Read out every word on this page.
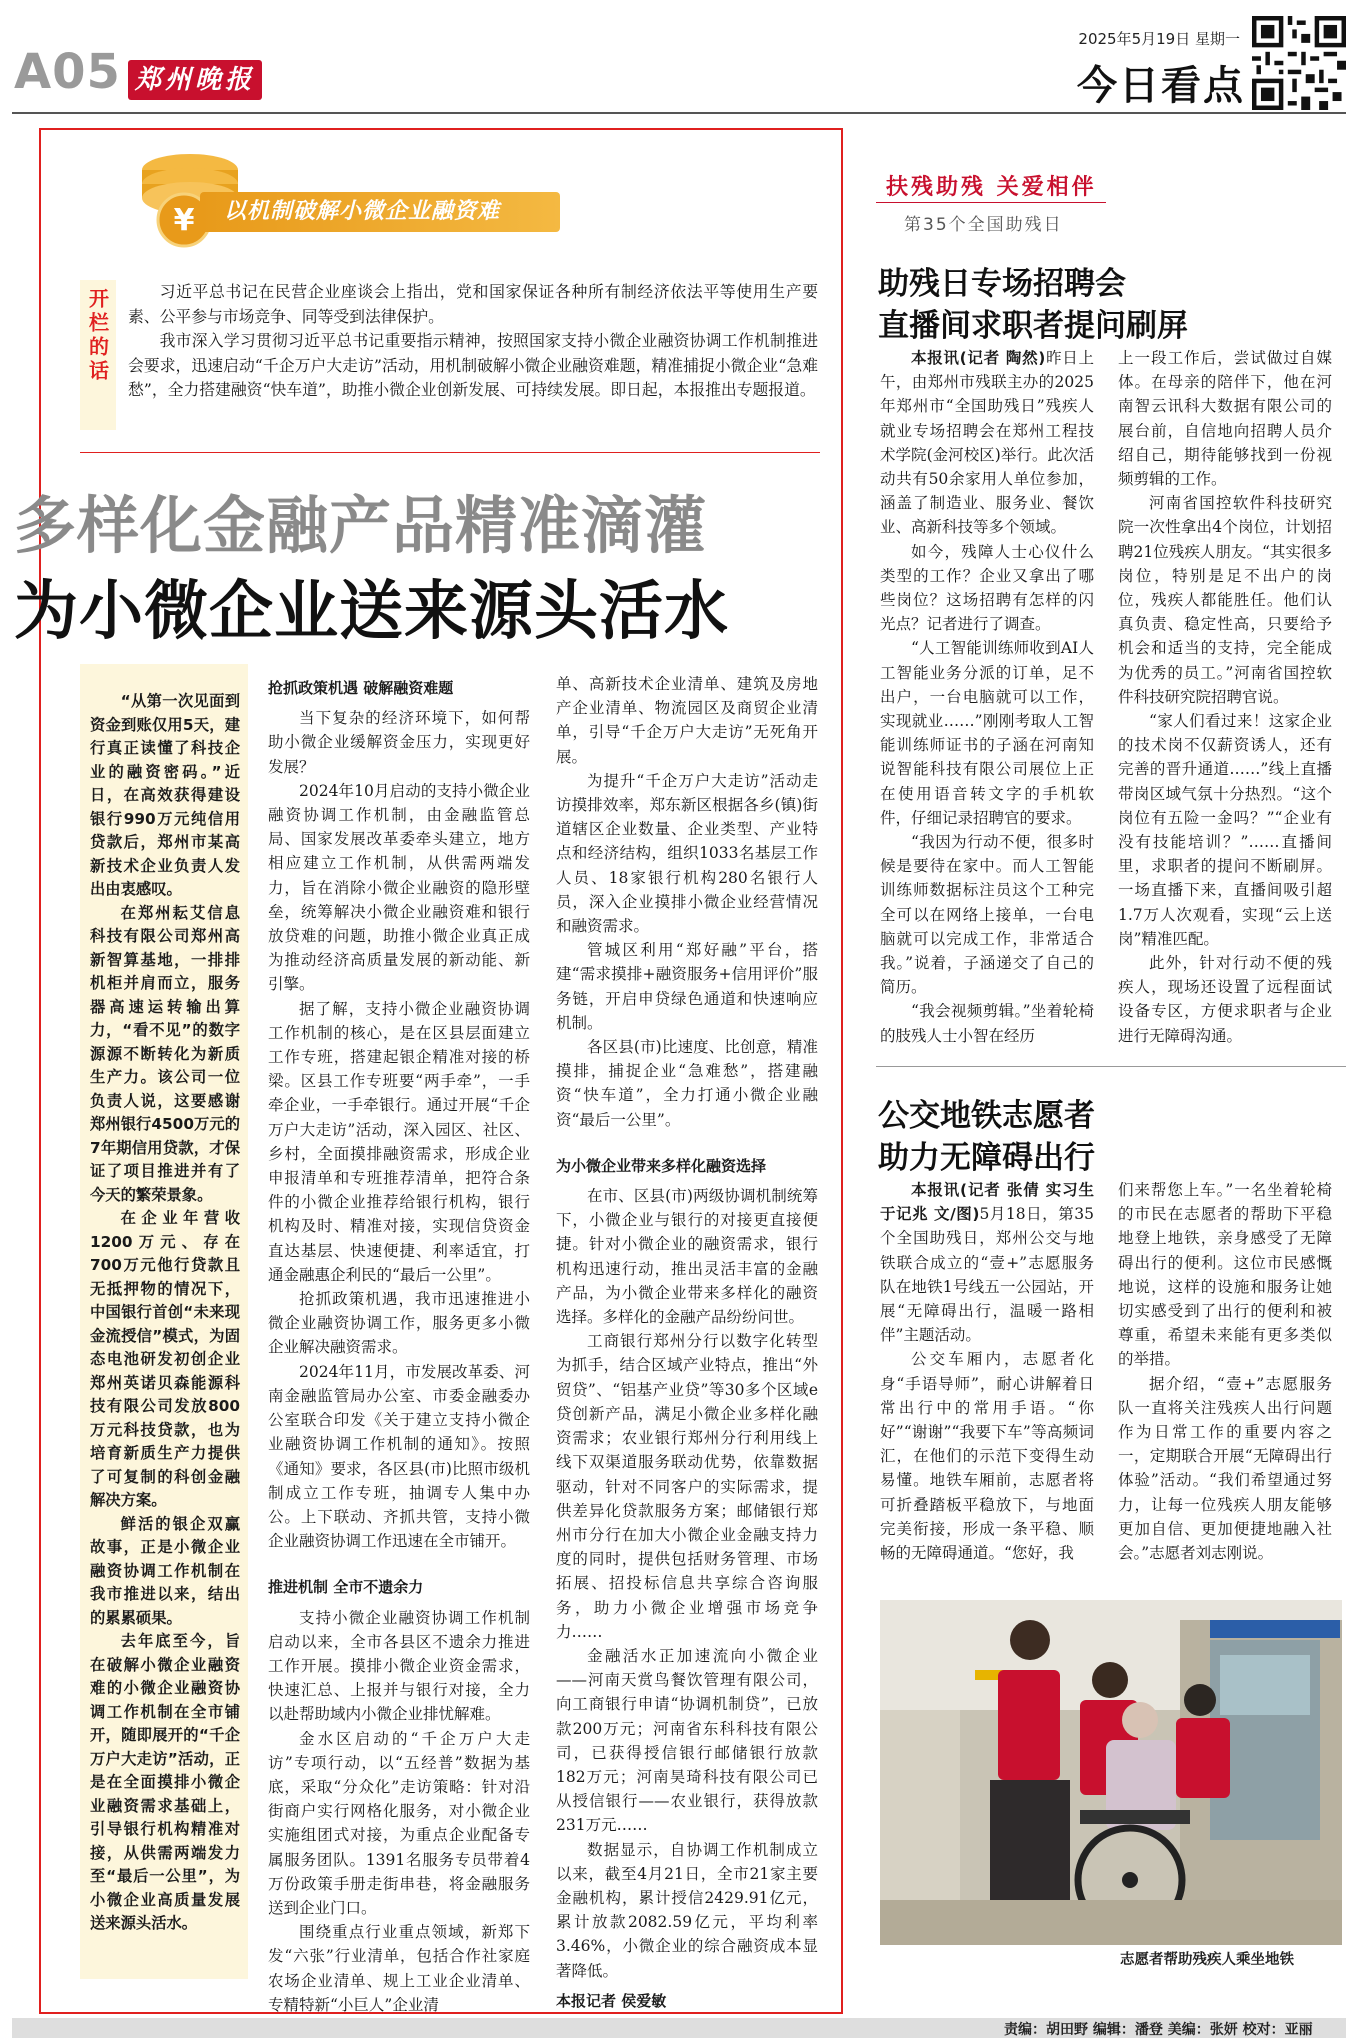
A05 郑州晚报
2025年5月19日 星期一
今日看点
¥	以机制破解小微企业融资难
开栏的话	习近平总书记在民营企业座谈会上指出，党和国家保证各种所有制经济依法平等使用生产要素、公平参与市场竞争、同等受到法律保护。

我市深入学习贯彻习近平总书记重要指示精神，按照国家支持小微企业融资协调工作机制推进会要求，迅速启动“千企万户大走访”活动，用机制破解小微企业融资难题，精准捕捉小微企业“急难愁”，全力搭建融资“快车道”，助推小微企业创新发展、可持续发展。即日起，本报推出专题报道。

多样化金融产品精准滴灌
为小微企业送来源头活水

“从第一次见面到资金到账仅用5天，建行真正读懂了科技企业的融资密码。”近日，在高效获得建设银行990万元纯信用贷款后，郑州市某高新技术企业负责人发出由衷感叹。

在郑州耘艾信息科技有限公司郑州高新智算基地，一排排机柜并肩而立，服务器高速运转输出算力，“看不见”的数字源源不断转化为新质生产力。该公司一位负责人说，这要感谢郑州银行4500万元的7年期信用贷款，才保证了项目推进并有了今天的繁荣景象。

在企业年营收1200万元、存在700万元他行贷款且无抵押物的情况下，中国银行首创“未来现金流授信”模式，为固态电池研发初创企业郑州英诺贝森能源科技有限公司发放800万元科技贷款，也为培育新质生产力提供了可复制的科创金融解决方案。

鲜活的银企双赢故事，正是小微企业融资协调工作机制在我市推进以来，结出的累累硕果。

去年底至今，旨在破解小微企业融资难的小微企业融资协调工作机制在全市铺开，随即展开的“千企万户大走访”活动，正是在全面摸排小微企业融资需求基础上，引导银行机构精准对接，从供需两端发力至“最后一公里”，为小微企业高质量发展送来源头活水。

抢抓政策机遇 破解融资难题

当下复杂的经济环境下，如何帮助小微企业缓解资金压力，实现更好发展？

2024年10月启动的支持小微企业融资协调工作机制，由金融监管总局、国家发展改革委牵头建立，地方相应建立工作机制，从供需两端发力，旨在消除小微企业融资的隐形壁垒，统筹解决小微企业融资难和银行放贷难的问题，助推小微企业真正成为推动经济高质量发展的新动能、新引擎。

据了解，支持小微企业融资协调工作机制的核心，是在区县层面建立工作专班，搭建起银企精准对接的桥梁。区县工作专班要“两手牵”，一手牵企业，一手牵银行。通过开展“千企万户大走访”活动，深入园区、社区、乡村，全面摸排融资需求，形成企业申报清单和专班推荐清单，把符合条件的小微企业推荐给银行机构，银行机构及时、精准对接，实现信贷资金直达基层、快速便捷、利率适宜，打通金融惠企利民的“最后一公里”。

抢抓政策机遇，我市迅速推进小微企业融资协调工作，服务更多小微企业解决融资需求。

2024年11月，市发展改革委、河南金融监管局办公室、市委金融委办公室联合印发《关于建立支持小微企业融资协调工作机制的通知》。按照《通知》要求，各区县(市)比照市级机制成立工作专班，抽调专人集中办公。上下联动、齐抓共管，支持小微企业融资协调工作迅速在全市铺开。

推进机制 全市不遗余力

支持小微企业融资协调工作机制启动以来，全市各县区不遗余力推进工作开展。摸排小微企业资金需求，快速汇总、上报并与银行对接，全力以赴帮助域内小微企业排忧解难。

金水区启动的“千企万户大走访”专项行动，以“五经普”数据为基底，采取“分众化”走访策略：针对沿街商户实行网格化服务，对小微企业实施组团式对接，为重点企业配备专属服务团队。1391名服务专员带着4万份政策手册走街串巷，将金融服务送到企业门口。

围绕重点行业重点领域，新郑下发“六张”行业清单，包括合作社家庭农场企业清单、规上工业企业清单、专精特新“小巨人”企业清

单、高新技术企业清单、建筑及房地产企业清单、物流园区及商贸企业清单，引导“千企万户大走访”无死角开展。

为提升“千企万户大走访”活动走访摸排效率，郑东新区根据各乡(镇)街道辖区企业数量、企业类型、产业特点和经济结构，组织1033名基层工作人员、18家银行机构280名银行人员，深入企业摸排小微企业经营情况和融资需求。

管城区利用“郑好融”平台，搭建“需求摸排+融资服务+信用评价”服务链，开启申贷绿色通道和快速响应机制。

各区县(市)比速度、比创意，精准摸排，捕捉企业“急难愁”，搭建融资“快车道”，全力打通小微企业融资“最后一公里”。

为小微企业带来多样化融资选择

在市、区县(市)两级协调机制统筹下，小微企业与银行的对接更直接便捷。针对小微企业的融资需求，银行机构迅速行动，推出灵活丰富的金融产品，为小微企业带来多样化的融资选择。多样化的金融产品纷纷问世。

工商银行郑州分行以数字化转型为抓手，结合区域产业特点，推出“外贸贷”、“铝基产业贷”等30多个区域e贷创新产品，满足小微企业多样化融资需求；农业银行郑州分行利用线上线下双渠道服务联动优势，依靠数据驱动，针对不同客户的实际需求，提供差异化贷款服务方案；邮储银行郑州市分行在加大小微企业金融支持力度的同时，提供包括财务管理、市场拓展、招投标信息共享综合咨询服务，助力小微企业增强市场竞争力……

金融活水正加速流向小微企业——河南天赏鸟餐饮管理有限公司，向工商银行申请“协调机制贷”，已放款200万元；河南省东科科技有限公司，已获得授信银行邮储银行放款182万元；河南昊琦科技有限公司已从授信银行——农业银行，获得放款231万元……

数据显示，自协调工作机制成立以来，截至4月21日，全市21家主要金融机构，累计授信2429.91亿元，累计放款2082.59亿元，平均利率3.46%，小微企业的综合融资成本显著降低。

本报记者 侯爱敏

扶残助残 关爱相伴
第35个全国助残日
助残日专场招聘会
直播间求职者提问刷屏

本报讯(记者 陶然)昨日上午，由郑州市残联主办的2025年郑州市“全国助残日”残疾人就业专场招聘会在郑州工程技术学院(金河校区)举行。此次活动共有50余家用人单位参加，涵盖了制造业、服务业、餐饮业、高新科技等多个领域。

如今，残障人士心仪什么类型的工作？企业又拿出了哪些岗位？这场招聘有怎样的闪光点？记者进行了调查。

“人工智能训练师收到AI人工智能业务分派的订单，足不出户，一台电脑就可以工作，实现就业……”刚刚考取人工智能训练师证书的子涵在河南知说智能科技有限公司展位上正在使用语音转文字的手机软件，仔细记录招聘官的要求。

“我因为行动不便，很多时候是要待在家中。而人工智能训练师数据标注员这个工种完全可以在网络上接单，一台电脑就可以完成工作，非常适合我。”说着，子涵递交了自己的简历。

“我会视频剪辑。”坐着轮椅的肢残人士小智在经历

上一段工作后，尝试做过自媒体。在母亲的陪伴下，他在河南智云讯科大数据有限公司的展台前，自信地向招聘人员介绍自己，期待能够找到一份视频剪辑的工作。

河南省国控软件科技研究院一次性拿出4个岗位，计划招聘21位残疾人朋友。“其实很多岗位，特别是足不出户的岗位，残疾人都能胜任。他们认真负责、稳定性高，只要给予机会和适当的支持，完全能成为优秀的员工。”河南省国控软件科技研究院招聘官说。

“家人们看过来！这家企业的技术岗不仅薪资诱人，还有完善的晋升通道……”线上直播带岗区域气氛十分热烈。“这个岗位有五险一金吗？”“企业有没有技能培训？”……直播间里，求职者的提问不断刷屏。一场直播下来，直播间吸引超1.7万人次观看，实现“云上送岗”精准匹配。

此外，针对行动不便的残疾人，现场还设置了远程面试设备专区，方便求职者与企业进行无障碍沟通。

公交地铁志愿者
助力无障碍出行

本报讯(记者 张倩 实习生 于记兆 文/图)5月18日，第35个全国助残日，郑州公交与地铁联合成立的“壹+”志愿服务队在地铁1号线五一公园站，开展“无障碍出行，温暖一路相伴”主题活动。

公交车厢内，志愿者化身“手语导师”，耐心讲解着日常出行中的常用手语。“你好”“谢谢”“我要下车”等高频词汇，在他们的示范下变得生动易懂。地铁车厢前，志愿者将可折叠踏板平稳放下，与地面完美衔接，形成一条平稳、顺畅的无障碍通道。“您好，我

们来帮您上车。”一名坐着轮椅的市民在志愿者的帮助下平稳地登上地铁，亲身感受了无障碍出行的便利。这位市民感慨地说，这样的设施和服务让她切实感受到了出行的便利和被尊重，希望未来能有更多类似的举措。

据介绍，“壹+”志愿服务队一直将关注残疾人出行问题作为日常工作的重要内容之一，定期联合开展“无障碍出行体验”活动。“我们希望通过努力，让每一位残疾人朋友能够更加自信、更加便捷地融入社会。”志愿者刘志刚说。

志愿者帮助残疾人乘坐地铁
责编：胡田野 编辑：潘登 美编：张妍 校对：亚丽
